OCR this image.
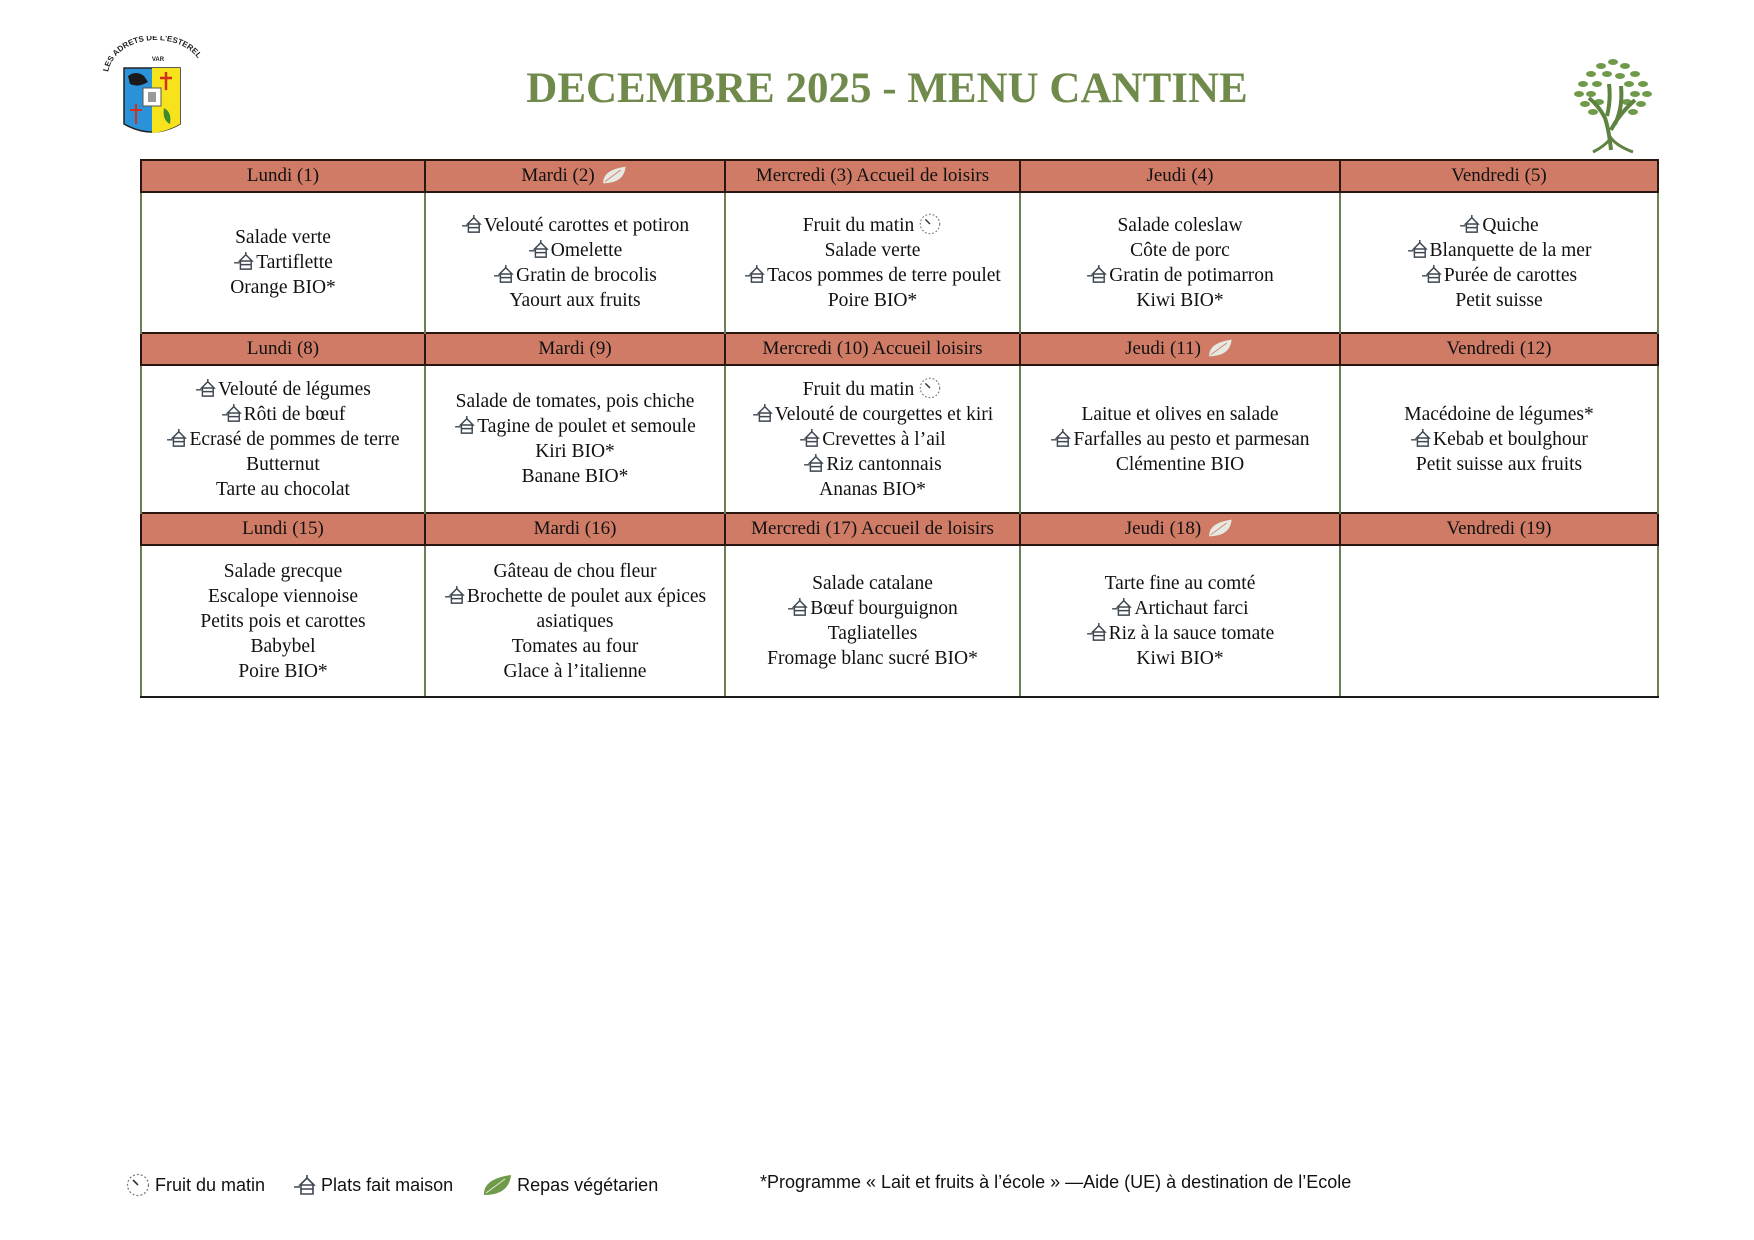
LES ADRETS DE L'ESTEREL
VAR
DECEMBRE 2025 - MENU CANTINE
Lundi (1)	Mardi (2)	Mercredi (3) Accueil de loisirs	Jeudi (4)	Vendredi (5)

Salade verte
Tartiflette
Orange BIO*	Velouté carottes et potiron
Omelette
Gratin de brocolis
Yaourt aux fruits	Fruit du matin
Salade verte
Tacos pommes de terre poulet
Poire BIO*	Salade coleslaw
Côte de porc
Gratin de potimarron
Kiwi BIO*	Quiche
Blanquette de la mer
Purée de carottes
Petit suisse

Lundi (8)	Mardi (9)	Mercredi (10) Accueil loisirs	Jeudi (11)	Vendredi (12)

Velouté de légumes
Rôti de bœuf
Ecrasé de pommes de terre
Butternut
Tarte au chocolat	Salade de tomates, pois chiche
Tagine de poulet et semoule
Kiri BIO*
Banane BIO*	Fruit du matin
Velouté de courgettes et kiri
Crevettes à l’ail
Riz cantonnais
Ananas BIO*	Laitue et olives en salade
Farfalles au pesto et parmesan
Clémentine BIO	Macédoine de légumes*
Kebab et boulghour
Petit suisse aux fruits

Lundi (15)	Mardi (16)	Mercredi (17) Accueil de loisirs	Jeudi (18)	Vendredi (19)

Salade grecque
Escalope viennoise
Petits pois et carottes
Babybel
Poire BIO*	Gâteau de chou fleur
Brochette de poulet aux épices
asiatiques
Tomates au four
Glace à l’italienne	Salade catalane
Bœuf bourguignon
Tagliatelles
Fromage blanc sucré BIO*	Tarte fine au comté
Artichaut farci
Riz à la sauce tomate
Kiwi BIO*	

Fruit du matin	Plats fait maison	Repas végétarien	*Programme « Lait et fruits à l’école » —Aide (UE) à destination de l’Ecole
